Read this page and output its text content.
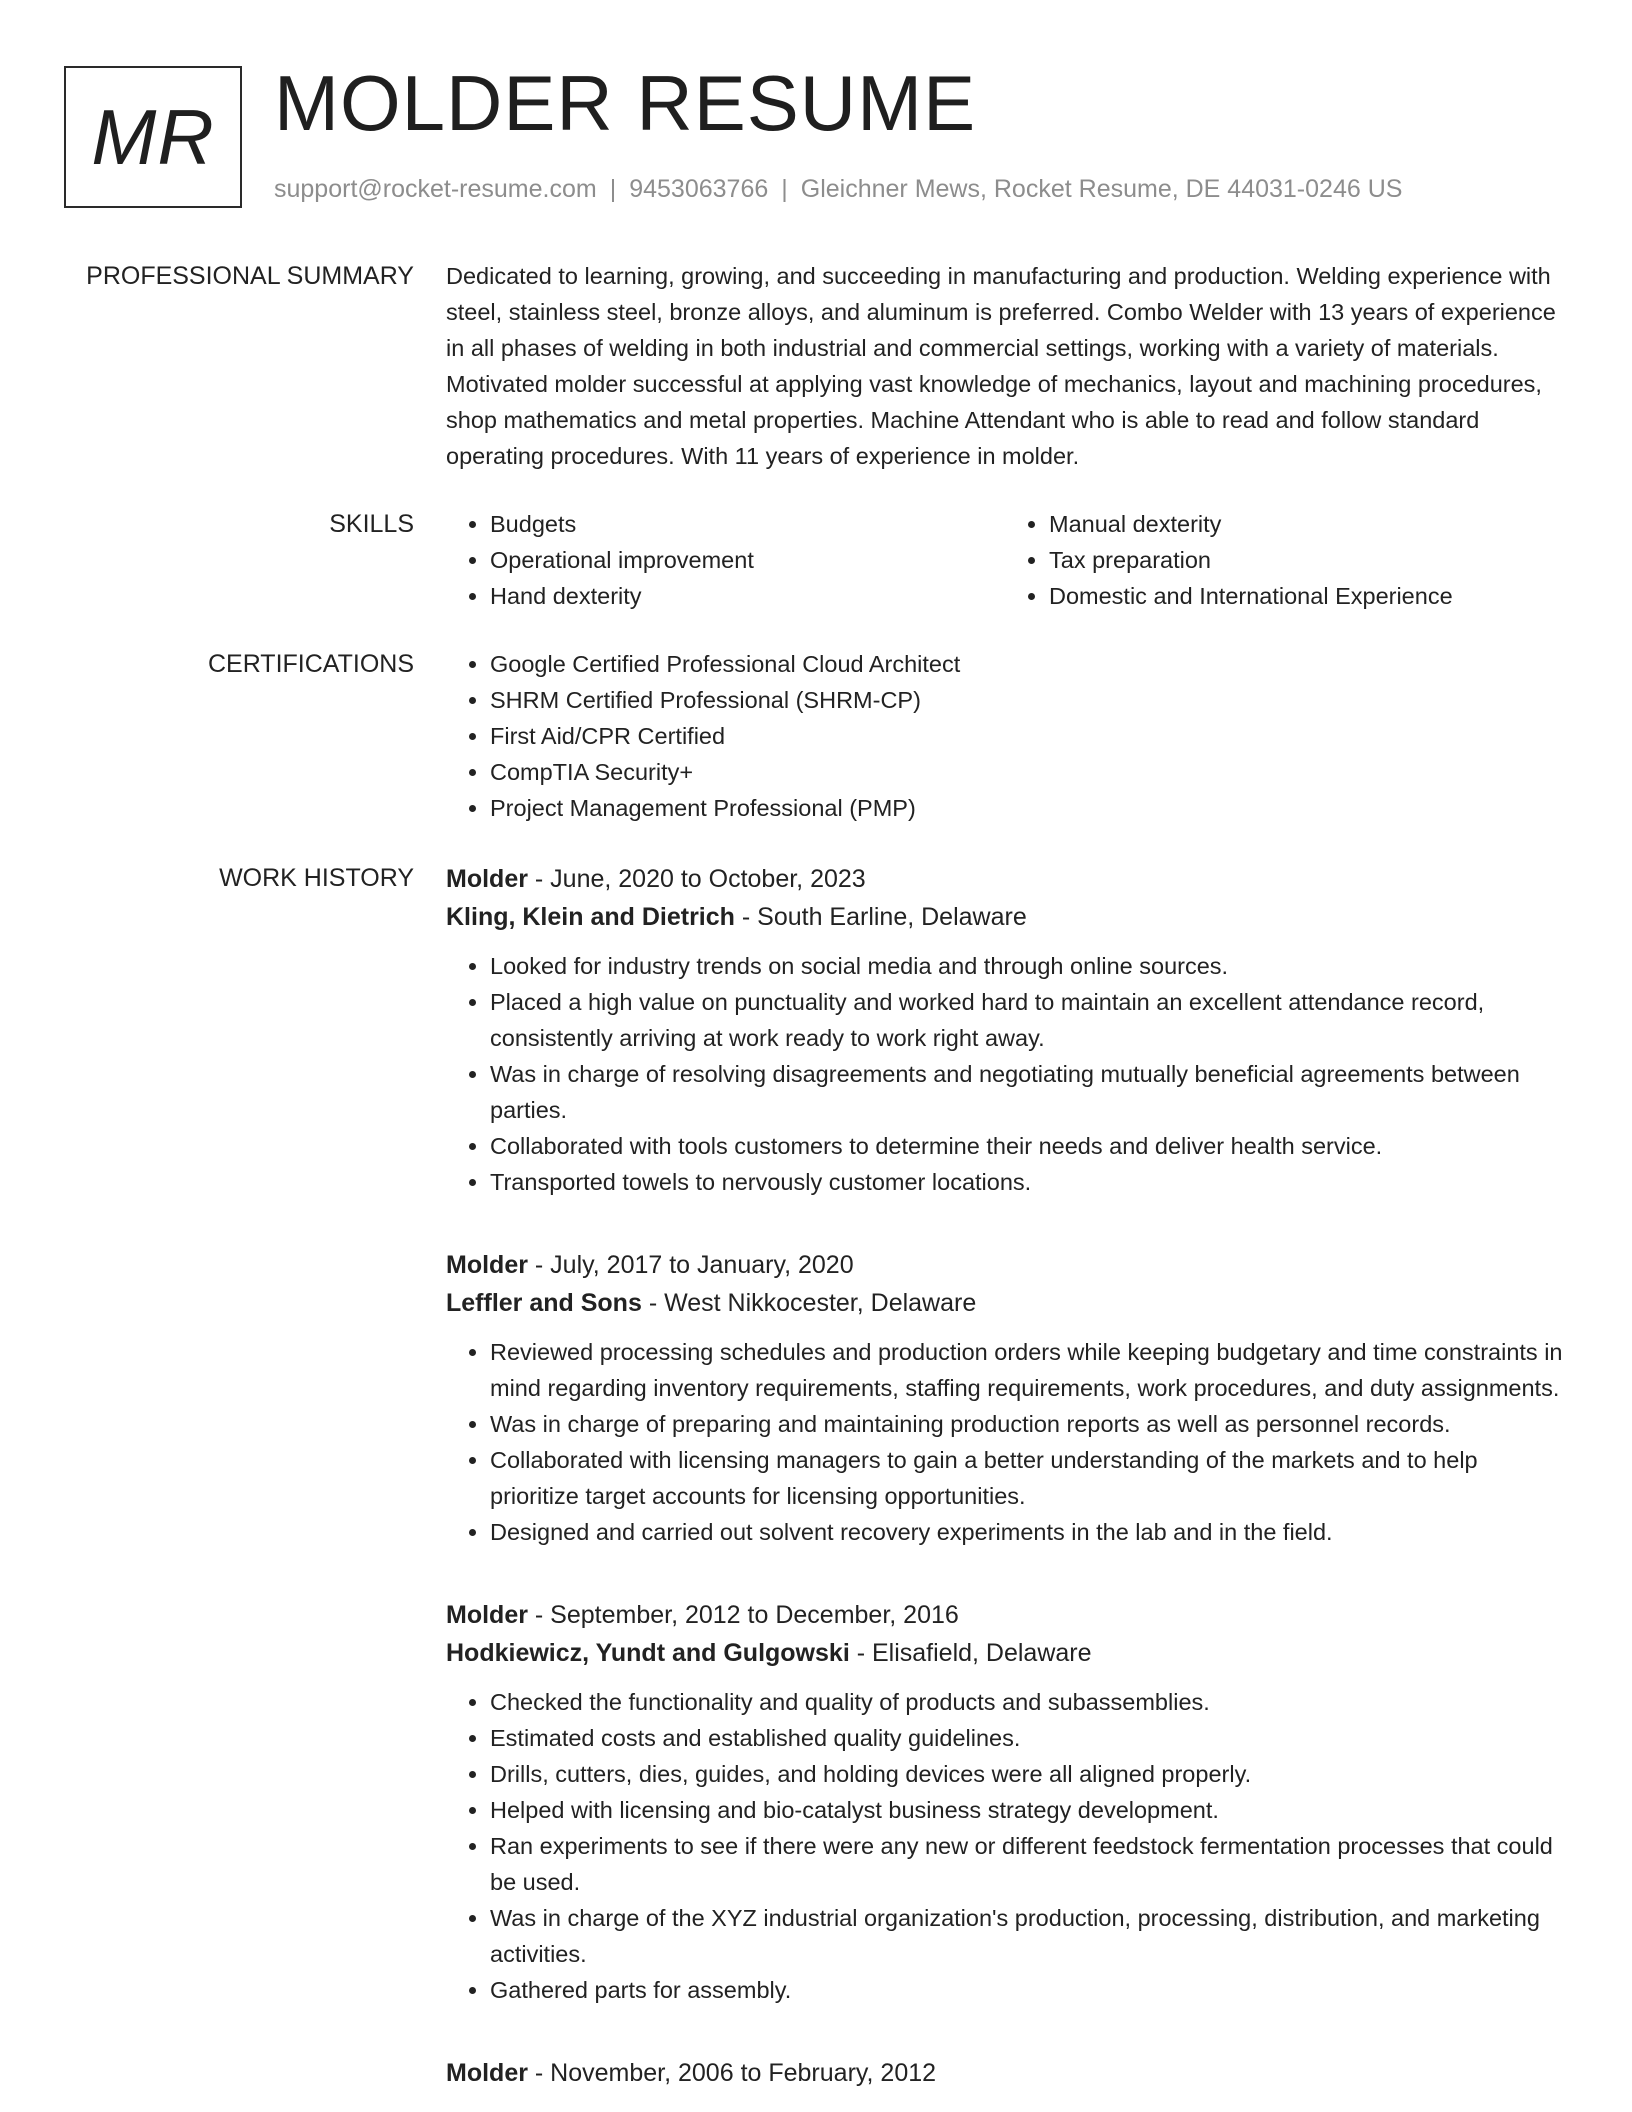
MR MOLDER RESUME
support@rocket-resume.com | 9453063766 | Gleichner Mews, Rocket Resume, DE 44031-0246 US
PROFESSIONAL SUMMARY Dedicated to learning, growing, and succeeding in manufacturing and production. Welding experience with steel, stainless steel, bronze alloys, and aluminum is preferred. Combo Welder with 13 years of experience in all phases of welding in both industrial and commercial settings, working with a variety of materials. Motivated molder successful at applying vast knowledge of mechanics, layout and machining procedures, shop mathematics and metal properties. Machine Attendant who is able to read and follow standard operating procedures. With 11 years of experience in molder.

SKILLS	• Budgets
• Operational improvement
• Hand dexterity
• Manual dexterity
• Tax preparation
• Domestic and International Experience
CERTIFICATIONS	• Google Certified Professional Cloud Architect
• SHRM Certified Professional (SHRM-CP)
• First Aid/CPR Certified
• CompTIA Security+
• Project Management Professional (PMP)
WORK HISTORY Molder - June, 2020 to October, 2023
Kling, Klein and Dietrich - South Earline, Delaware
• Looked for industry trends on social media and through online sources.
• Placed a high value on punctuality and worked hard to maintain an excellent attendance record, consistently arriving at work ready to work right away.
• Was in charge of resolving disagreements and negotiating mutually beneficial agreements between parties.
• Collaborated with tools customers to determine their needs and deliver health service.
• Transported towels to nervously customer locations.
Molder - July, 2017 to January, 2020
Leffler and Sons - West Nikkocester, Delaware
• Reviewed processing schedules and production orders while keeping budgetary and time constraints in mind regarding inventory requirements, staffing requirements, work procedures, and duty assignments.
• Was in charge of preparing and maintaining production reports as well as personnel records.
• Collaborated with licensing managers to gain a better understanding of the markets and to help prioritize target accounts for licensing opportunities.
• Designed and carried out solvent recovery experiments in the lab and in the field.
Molder - September, 2012 to December, 2016
Hodkiewicz, Yundt and Gulgowski - Elisafield, Delaware
• Checked the functionality and quality of products and subassemblies.
• Estimated costs and established quality guidelines.
• Drills, cutters, dies, guides, and holding devices were all aligned properly.
• Helped with licensing and bio-catalyst business strategy development.
• Ran experiments to see if there were any new or different feedstock fermentation processes that could be used.
• Was in charge of the XYZ industrial organization's production, processing, distribution, and marketing activities.
• Gathered parts for assembly.
Molder - November, 2006 to February, 2012
